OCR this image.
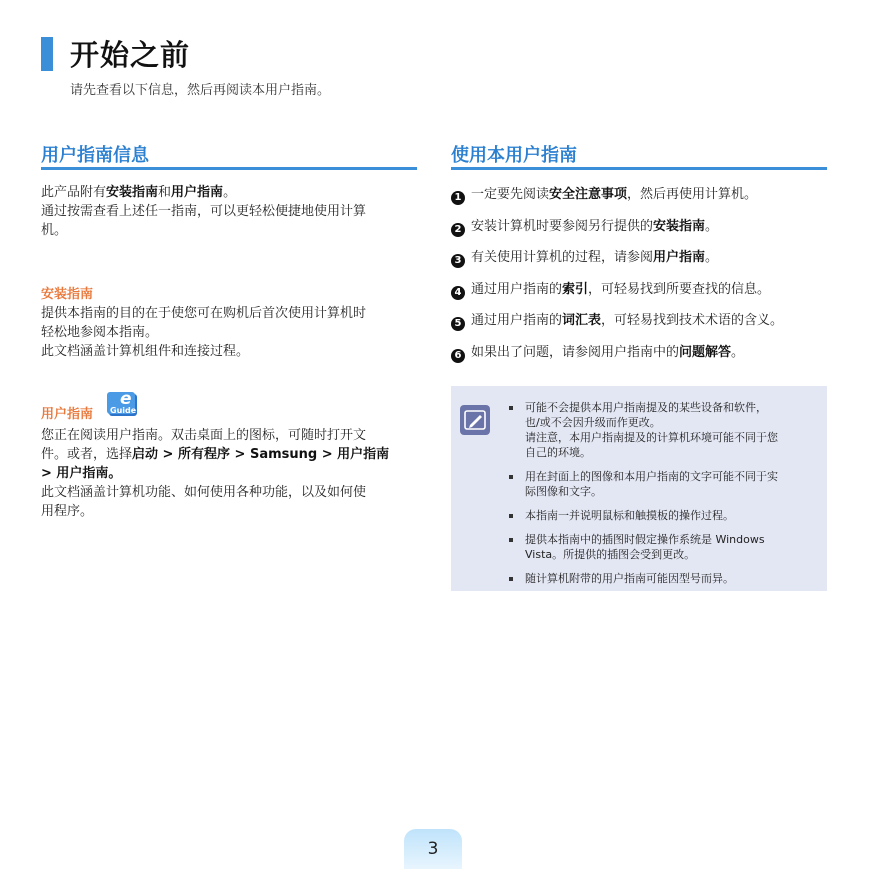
开始之前
请先查看以下信息，然后再阅读本用户指南。
用户指南信息
此产品附有安装指南和用户指南。
通过按需查看上述任一指南，可以更轻松便捷地使用计算
机。
安装指南
提供本指南的目的在于使您可在购机后首次使用计算机时
轻松地参阅本指南。
此文档涵盖计算机组件和连接过程。
用户指南
e
Guide
您正在阅读用户指南。双击桌面上的图标，可随时打开文
件。或者，选择启动 > 所有程序 > Samsung > 用户指南
> 用户指南。
此文档涵盖计算机功能、如何使用各种功能，以及如何使
用程序。
使用本用户指南
1 一定要先阅读安全注意事项，然后再使用计算机。
2 安装计算机时要参阅另行提供的安装指南。
3 有关使用计算机的过程，请参阅用户指南。
4 通过用户指南的索引，可轻易找到所要查找的信息。
5 通过用户指南的词汇表，可轻易找到技术术语的含义。
6 如果出了问题，请参阅用户指南中的问题解答。
可能不会提供本用户指南提及的某些设备和软件，
也/或不会因升级而作更改。
请注意，本用户指南提及的计算机环境可能不同于您
自己的环境。
用在封面上的图像和本用户指南的文字可能不同于实
际图像和文字。
本指南一并说明鼠标和触摸板的操作过程。
提供本指南中的插图时假定操作系统是 Windows
Vista。所提供的插图会受到更改。
随计算机附带的用户指南可能因型号而异。
3
